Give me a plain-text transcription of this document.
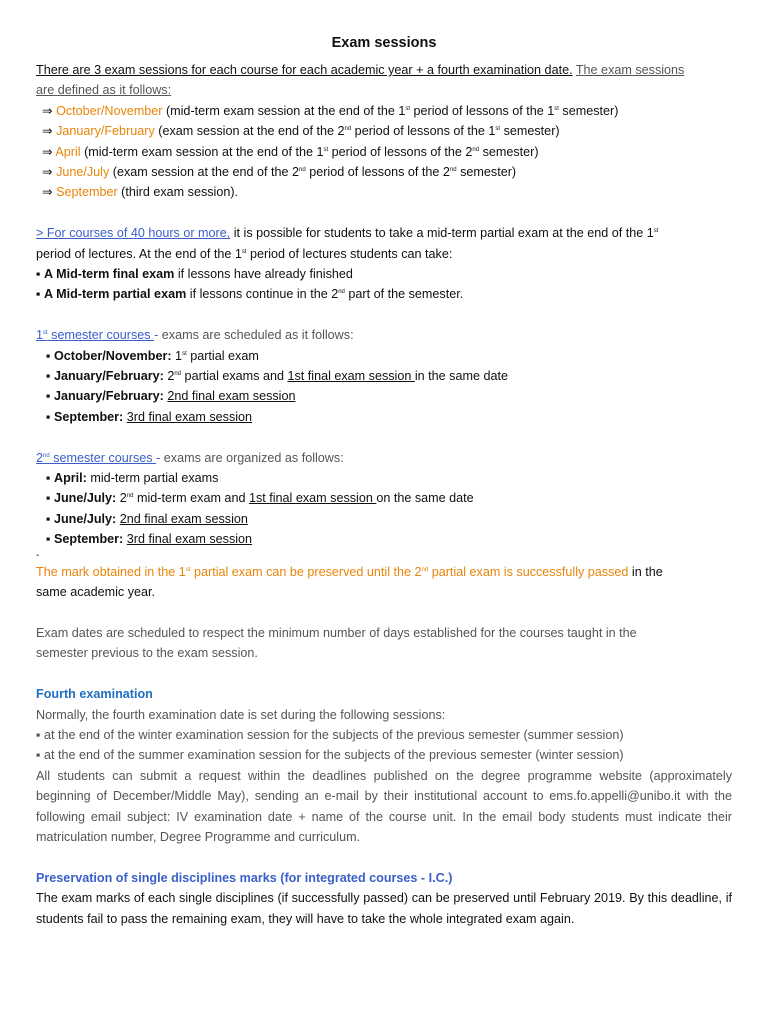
Exam sessions

There are 3 exam sessions for each course for each academic year + a fourth examination date. The exam sessions

are defined as it follows:

⇒ October/November (mid-term exam session at the end of the 1st period of lessons of the 1st semester)

⇒ January/February (exam session at the end of the 2nd period of lessons of the 1st semester)

⇒ April (mid-term exam session at the end of the 1st period of lessons of the 2nd semester)

⇒ June/July (exam session at the end of the 2nd period of lessons of the 2nd semester)

⇒ September (third exam session).

> For courses of 40 hours or more, it is possible for students to take a mid-term partial exam at the end of the 1st

period of lectures. At the end of the 1st period of lectures students can take:

▪ A Mid-term final exam if lessons have already finished

▪ A Mid-term partial exam if lessons continue in the 2nd part of the semester.

1st semester courses - exams are scheduled as it follows:

▪ October/November: 1st partial exam

▪ January/February: 2nd partial exams and 1st final exam session in the same date

▪ January/February: 2nd final exam session

▪ September: 3rd final exam session

2nd semester courses - exams are organized as follows:

▪ April: mid-term partial exams

▪ June/July: 2nd mid-term exam and 1st final exam session on the same date

▪ June/July: 2nd final exam session

▪ September: 3rd final exam session

-

The mark obtained in the 1st partial exam can be preserved until the 2nd partial exam is successfully passed in the

same academic year.

Exam dates are scheduled to respect the minimum number of days established for the courses taught in the

semester previous to the exam session.

Fourth examination

Normally, the fourth examination date is set during the following sessions:

▪ at the end of the winter examination session for the subjects of the previous semester (summer session)

▪ at the end of the summer examination session for the subjects of the previous semester (winter session)

All students can submit a request within the deadlines published on the degree programme website (approximately beginning of December/Middle May), sending an e-mail by their institutional account to ems.fo.appelli@unibo.it with the following email subject: IV examination date + name of the course unit. In the email body students must indicate their matriculation number, Degree Programme and curriculum.

Preservation of single disciplines marks (for integrated courses - I.C.)

The exam marks of each single disciplines (if successfully passed) can be preserved until February 2019. By this deadline, if students fail to pass the remaining exam, they will have to take the whole integrated exam again.
